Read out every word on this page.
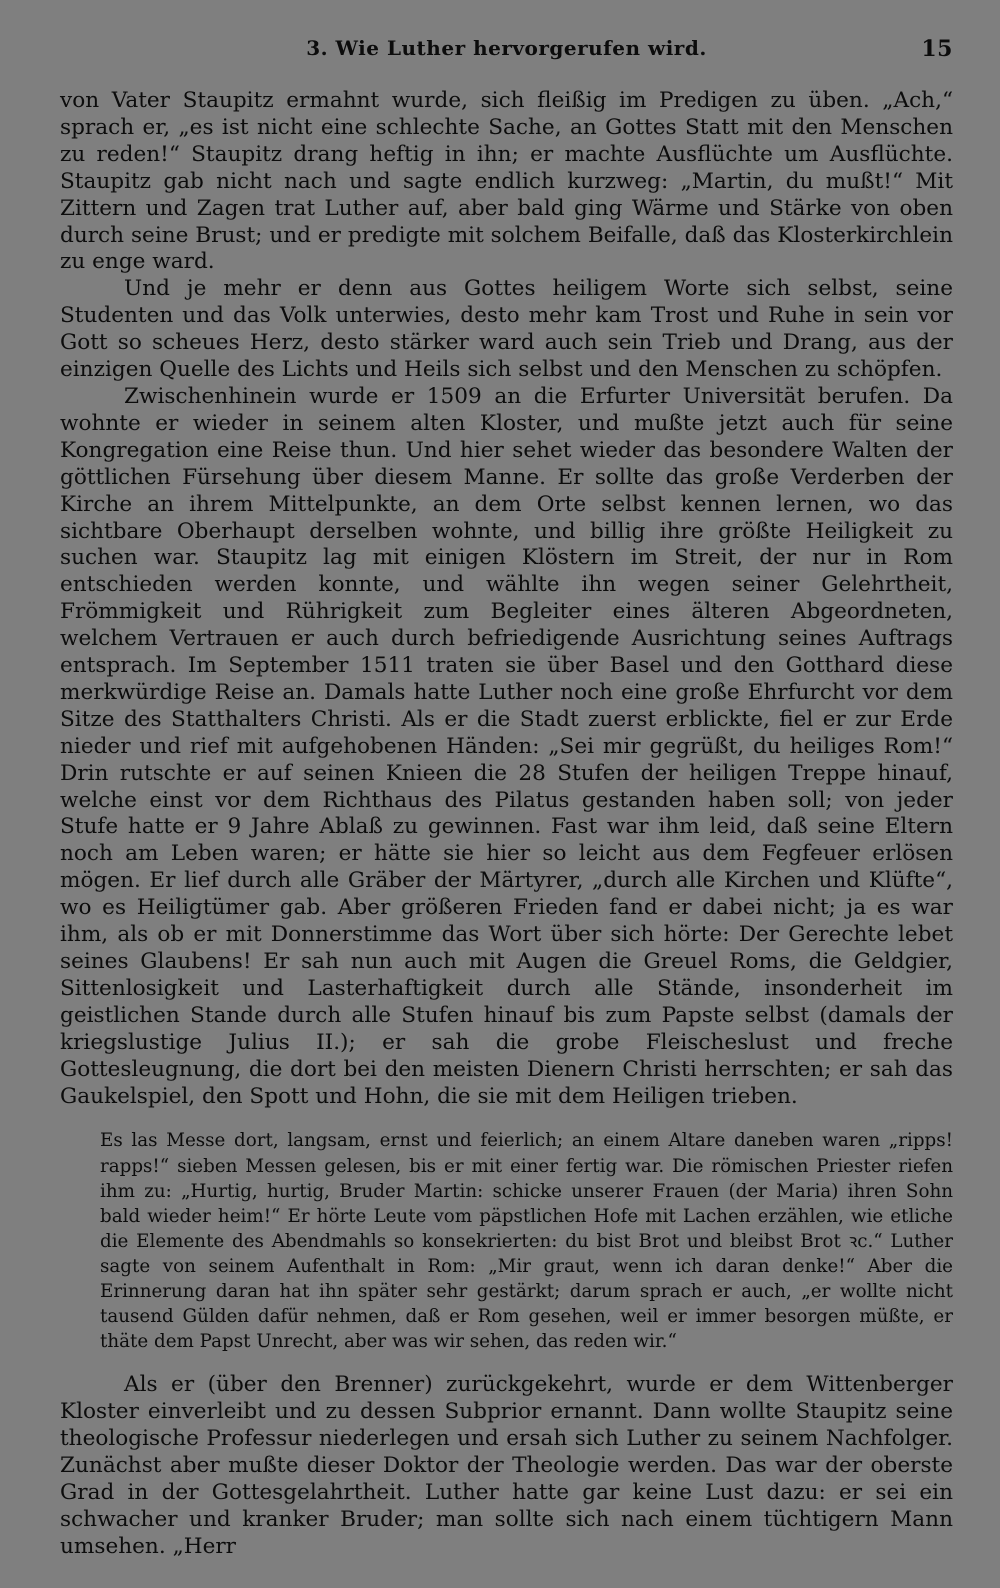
3. Wie Luther hervorgerufen wird.	15

von Vater Staupitz ermahnt wurde, sich fleißig im Predigen zu üben. „Ach,“ sprach er, „es ist nicht eine schlechte Sache, an Gottes Statt mit den Menschen zu reden!“ Staupitz drang heftig in ihn; er machte Ausflüchte um Ausflüchte. Staupitz gab nicht nach und sagte endlich kurzweg: „Martin, du mußt!“ Mit Zittern und Zagen trat Luther auf, aber bald ging Wärme und Stärke von oben durch seine Brust; und er predigte mit solchem Beifalle, daß das Klosterkirchlein zu enge ward.

Und je mehr er denn aus Gottes heiligem Worte sich selbst, seine Studenten und das Volk unterwies, desto mehr kam Trost und Ruhe in sein vor Gott so scheues Herz, desto stärker ward auch sein Trieb und Drang, aus der einzigen Quelle des Lichts und Heils sich selbst und den Menschen zu schöpfen.

Zwischenhinein wurde er 1509 an die Erfurter Universität berufen. Da wohnte er wieder in seinem alten Kloster, und mußte jetzt auch für seine Kongregation eine Reise thun. Und hier sehet wieder das besondere Walten der göttlichen Fürsehung über diesem Manne. Er sollte das große Verderben der Kirche an ihrem Mittelpunkte, an dem Orte selbst kennen lernen, wo das sichtbare Oberhaupt derselben wohnte, und billig ihre größte Heiligkeit zu suchen war. Staupitz lag mit einigen Klöstern im Streit, der nur in Rom entschieden werden konnte, und wählte ihn wegen seiner Gelehrtheit, Frömmigkeit und Rührigkeit zum Begleiter eines älteren Abgeordneten, welchem Vertrauen er auch durch befriedigende Ausrichtung seines Auftrags entsprach. Im September 1511 traten sie über Basel und den Gotthard diese merkwürdige Reise an. Damals hatte Luther noch eine große Ehrfurcht vor dem Sitze des Statthalters Christi. Als er die Stadt zuerst erblickte, fiel er zur Erde nieder und rief mit aufgehobenen Händen: „Sei mir gegrüßt, du heiliges Rom!“ Drin rutschte er auf seinen Knieen die 28 Stufen der heiligen Treppe hinauf, welche einst vor dem Richthaus des Pilatus gestanden haben soll; von jeder Stufe hatte er 9 Jahre Ablaß zu gewinnen. Fast war ihm leid, daß seine Eltern noch am Leben waren; er hätte sie hier so leicht aus dem Fegfeuer erlösen mögen. Er lief durch alle Gräber der Märtyrer, „durch alle Kirchen und Klüfte“, wo es Heiligtümer gab. Aber größeren Frieden fand er dabei nicht; ja es war ihm, als ob er mit Donnerstimme das Wort über sich hörte: Der Gerechte lebet seines Glaubens! Er sah nun auch mit Augen die Greuel Roms, die Geldgier, Sittenlosigkeit und Lasterhaftigkeit durch alle Stände, insonderheit im geistlichen Stande durch alle Stufen hinauf bis zum Papste selbst (damals der kriegslustige Julius II.); er sah die grobe Fleischeslust und freche Gottesleugnung, die dort bei den meisten Dienern Christi herrschten; er sah das Gaukelspiel, den Spott und Hohn, die sie mit dem Heiligen trieben.

Es las Messe dort, langsam, ernst und feierlich; an einem Altare daneben waren „ripps! rapps!“ sieben Messen gelesen, bis er mit einer fertig war. Die römischen Priester riefen ihm zu: „Hurtig, hurtig, Bruder Martin: schicke unserer Frauen (der Maria) ihren Sohn bald wieder heim!“ Er hörte Leute vom päpstlichen Hofe mit Lachen erzählen, wie etliche die Elemente des Abendmahls so konsekrierten: du bist Brot und bleibst Brot ꝛc.“ Luther sagte von seinem Aufenthalt in Rom: „Mir graut, wenn ich daran denke!“ Aber die Erinnerung daran hat ihn später sehr gestärkt; darum sprach er auch, „er wollte nicht tausend Gülden dafür nehmen, daß er Rom gesehen, weil er immer besorgen müßte, er thäte dem Papst Unrecht, aber was wir sehen, das reden wir.“

Als er (über den Brenner) zurückgekehrt, wurde er dem Wittenberger Kloster einverleibt und zu dessen Subprior ernannt. Dann wollte Staupitz seine theologische Professur niederlegen und ersah sich Luther zu seinem Nachfolger. Zunächst aber mußte dieser Doktor der Theologie werden. Das war der oberste Grad in der Gottesgelahrtheit. Luther hatte gar keine Lust dazu: er sei ein schwacher und kranker Bruder; man sollte sich nach einem tüchtigern Mann umsehen. „Herr
